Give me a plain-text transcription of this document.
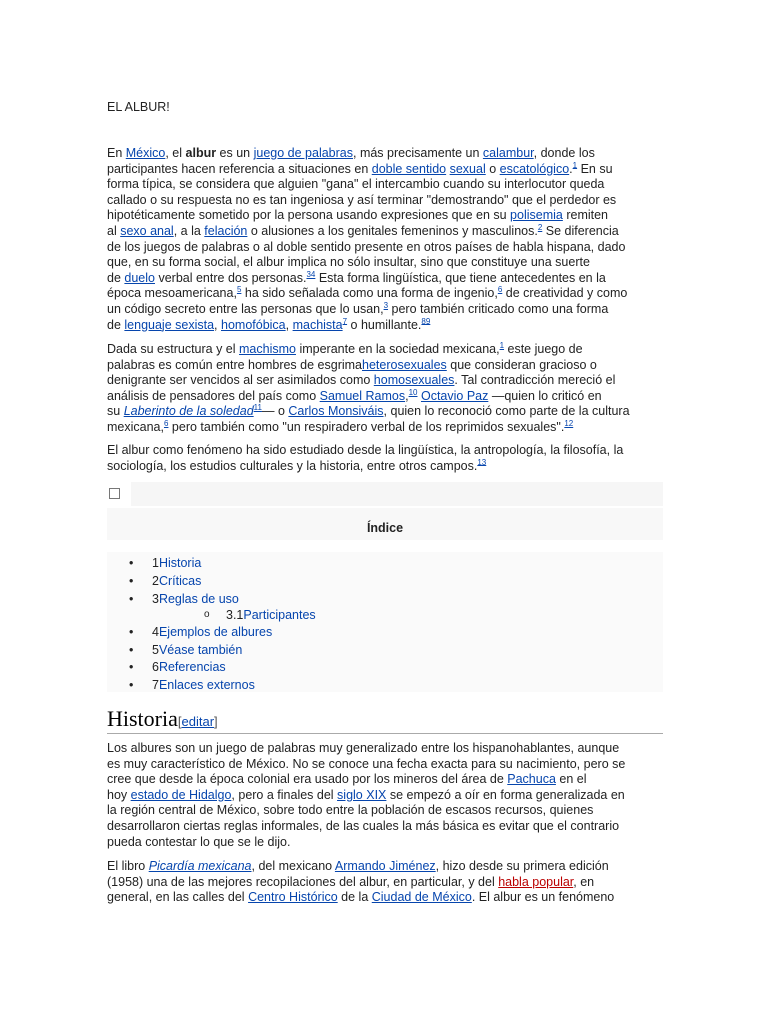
EL ALBUR!
En México, el albur es un juego de palabras, más precisamente un calambur, donde los
participantes hacen referencia a situaciones en doble sentido sexual o escatológico.$^1$ En su
forma típica, se considera que alguien "gana" el intercambio cuando su interlocutor queda
callado o su respuesta no es tan ingeniosa y así terminar "demostrando" que el perdedor es
hipotéticamente sometido por la persona usando expresiones que en su polisemia remiten
al sexo anal, a la felación o alusiones a los genitales femeninos y masculinos.$^2$ Se diferencia
de los juegos de palabras o al doble sentido presente en otros países de habla hispana, dado
que, en su forma social, el albur implica no sólo insultar, sino que constituye una suerte
de duelo verbal entre dos personas.$^{34}$ Esta forma lingüística, que tiene antecedentes en la
época mesoamericana,$^5$ ha sido señalada como una forma de ingenio,$^6$ de creatividad y como
un código secreto entre las personas que lo usan,$^3$ pero también criticado como una forma
de lenguaje sexista, homofóbica, machista$^7$ o humillante.$^{89}$
Dada su estructura y el machismo imperante en la sociedad mexicana,$^1$ este juego de
palabras es común entre hombres de esgrimaheterosexuales que consideran gracioso o
denigrante ser vencidos al ser asimilados como homosexuales. Tal contradicción mereció el
análisis de pensadores del país como Samuel Ramos,$^{10}$ Octavio Paz —quien lo criticó en
su Laberinto de la soledad$^{11}$— o Carlos Monsiváis, quien lo reconoció como parte de la cultura
mexicana,$^6$ pero también como "un respiradero verbal de los reprimidos sexuales".$^{12}$
El albur como fenómeno ha sido estudiado desde la lingüística, la antropología, la filosofía, la
sociología, los estudios culturales y la historia, entre otros campos.$^{13}$
Índice
• 1 Historia
• 2 Críticas
• 3 Reglas de uso
o 3.1 Participantes
• 4 Ejemplos de albures
• 5 Véase también
• 6 Referencias
• 7 Enlaces externos
Historia[editar]
Los albures son un juego de palabras muy generalizado entre los hispanohablantes, aunque
es muy característico de México. No se conoce una fecha exacta para su nacimiento, pero se
cree que desde la época colonial era usado por los mineros del área de Pachuca en el
hoy estado de Hidalgo, pero a finales del siglo XIX se empezó a oír en forma generalizada en
la región central de México, sobre todo entre la población de escasos recursos, quienes
desarrollaron ciertas reglas informales, de las cuales la más básica es evitar que el contrario
pueda contestar lo que se le dijo.
El libro Picardía mexicana, del mexicano Armando Jiménez, hizo desde su primera edición
(1958) una de las mejores recopilaciones del albur, en particular, y del habla popular, en
general, en las calles del Centro Histórico de la Ciudad de México. El albur es un fenómeno
